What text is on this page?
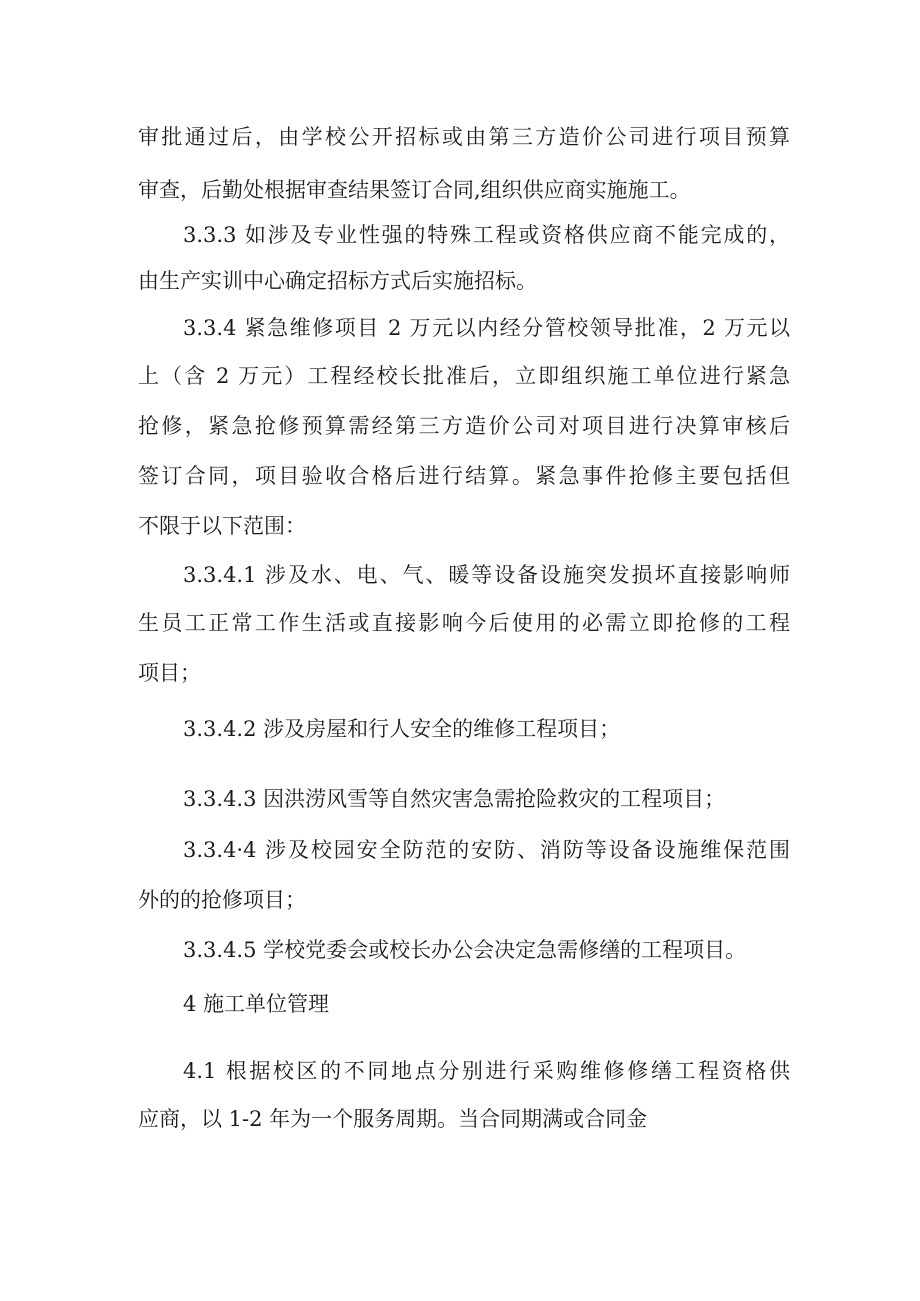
审批通过后，由学校公开招标或由第三方造价公司进行项目预算
审查，后勤处根据审查结果签订合同,组织供应商实施施工。
3.3.3 如涉及专业性强的特殊工程或资格供应商不能完成的，
由生产实训中心确定招标方式后实施招标。
3.3.4 紧急维修项目 2 万元以内经分管校领导批准，2 万元以
上（含 2 万元）工程经校长批准后，立即组织施工单位进行紧急
抢修，紧急抢修预算需经第三方造价公司对项目进行决算审核后
签订合同，项目验收合格后进行结算。紧急事件抢修主要包括但
不限于以下范围：
3.3.4.1 涉及水、电、气、暖等设备设施突发损坏直接影响师
生员工正常工作生活或直接影响今后使用的必需立即抢修的工程
项目；
3.3.4.2 涉及房屋和行人安全的维修工程项目；
3.3.4.3 因洪涝风雪等自然灾害急需抢险救灾的工程项目；
3.3.4·4 涉及校园安全防范的安防、消防等设备设施维保范围
外的的抢修项目；
3.3.4.5 学校党委会或校长办公会决定急需修缮的工程项目。
4 施工单位管理
4.1 根据校区的不同地点分别进行采购维修修缮工程资格供
应商，以 1-2 年为一个服务周期。当合同期满或合同金
